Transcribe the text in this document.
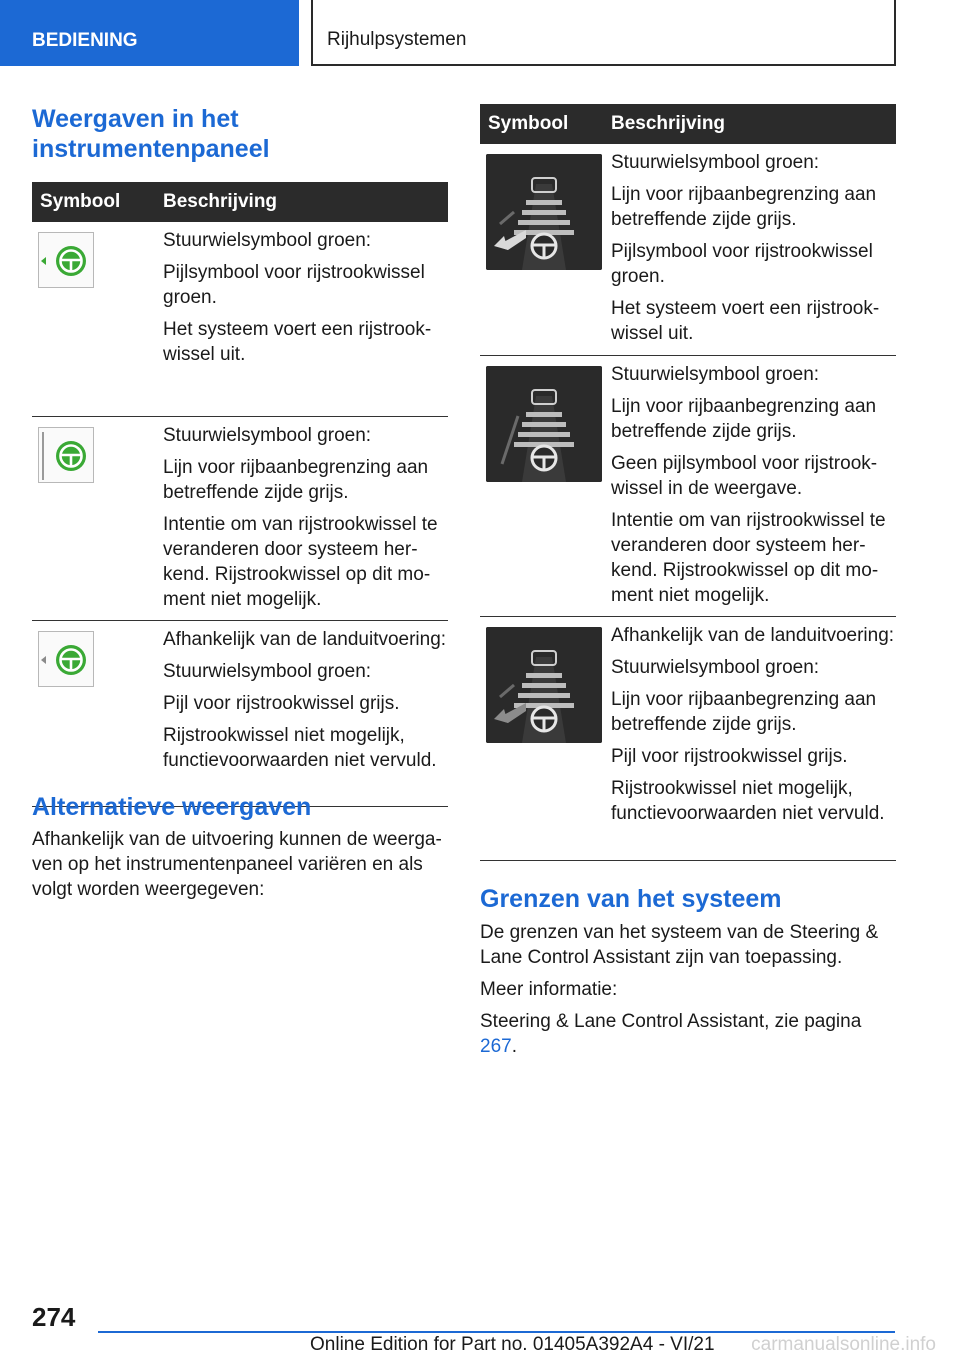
BEDIENING	Rijhulpsystemen
Weergaven in het
instrumentenpaneel
Symbool	Beschrijving

Stuurwielsymbool groen:

Pijlsymbool voor rijstrookwissel groen.

Het systeem voert een rijstrookwissel uit.

Stuurwielsymbool groen:

Lijn voor rijbaanbegrenzing aan betreffende zijde grijs.

Intentie om van rijstrookwissel te veranderen door systeem herkend. Rijstrookwissel op dit moment niet mogelijk.

Afhankelijk van de landuitvoering:

Stuurwielsymbool groen:

Pijl voor rijstrookwissel grijs.

Rijstrookwissel niet mogelijk, functievoorwaarden niet vervuld.

Alternatieve weergaven

Afhankelijk van de uitvoering kunnen de weergaven op het instrumentenpaneel variëren en als volgt worden weergegeven:

Symbool	Beschrijving

Stuurwielsymbool groen:

Lijn voor rijbaanbegrenzing aan betreffende zijde grijs.

Pijlsymbool voor rijstrookwissel groen.

Het systeem voert een rijstrookwissel uit.

Stuurwielsymbool groen:

Lijn voor rijbaanbegrenzing aan betreffende zijde grijs.

Geen pijlsymbool voor rijstrookwissel in de weergave.

Intentie om van rijstrookwissel te veranderen door systeem herkend. Rijstrookwissel op dit moment niet mogelijk.

Afhankelijk van de landuitvoering:

Stuurwielsymbool groen:

Lijn voor rijbaanbegrenzing aan betreffende zijde grijs.

Pijl voor rijstrookwissel grijs.

Rijstrookwissel niet mogelijk, functievoorwaarden niet vervuld.

Grenzen van het systeem

De grenzen van het systeem van de Steering & Lane Control Assistant zijn van toepassing.

Meer informatie:

Steering & Lane Control Assistant, zie pagina 267.

274
Online Edition for Part no. 01405A392A4 - VI/21 carmanualsonline.info
